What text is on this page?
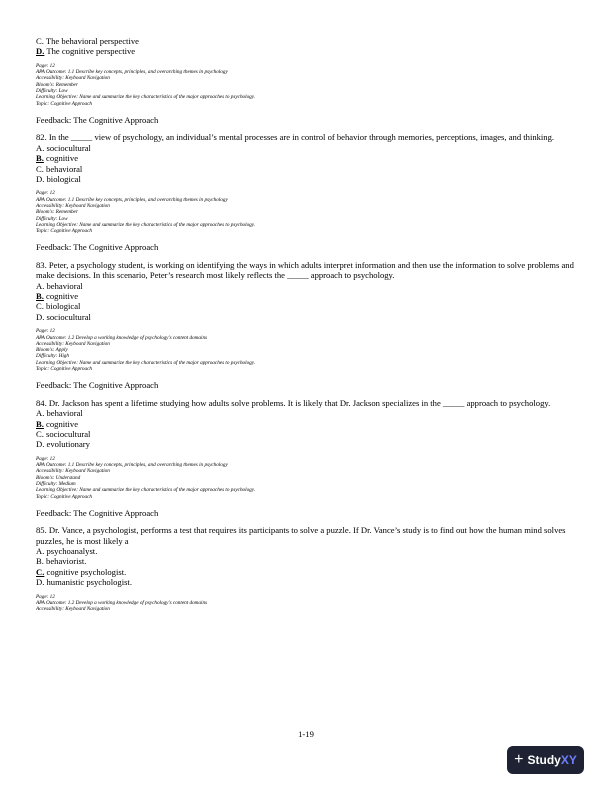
C. The behavioral perspective
D. The cognitive perspective
Page: 12
APA Outcome: 1.1 Describe key concepts, principles, and overarching themes in psychology
Accessibility: Keyboard Navigation
Bloom's: Remember
Difficulty: Low
Learning Objective: Name and summarize the key characteristics of the major approaches to psychology.
Topic: Cognitive Approach
Feedback: The Cognitive Approach
82. In the _____ view of psychology, an individual’s mental processes are in control of behavior through memories, perceptions, images, and thinking.
A. sociocultural
B. cognitive
C. behavioral
D. biological
Page: 12
APA Outcome: 1.1 Describe key concepts, principles, and overarching themes in psychology
Accessibility: Keyboard Navigation
Bloom's: Remember
Difficulty: Low
Learning Objective: Name and summarize the key characteristics of the major approaches to psychology.
Topic: Cognitive Approach
Feedback: The Cognitive Approach
83. Peter, a psychology student, is working on identifying the ways in which adults interpret information and then use the information to solve problems and make decisions. In this scenario, Peter’s research most likely reflects the _____ approach to psychology.
A. behavioral
B. cognitive
C. biological
D. sociocultural
Page: 12
APA Outcome: 1.2 Develop a working knowledge of psychology's content domains
Accessibility: Keyboard Navigation
Bloom's: Apply
Difficulty: High
Learning Objective: Name and summarize the key characteristics of the major approaches to psychology.
Topic: Cognitive Approach
Feedback: The Cognitive Approach
84. Dr. Jackson has spent a lifetime studying how adults solve problems. It is likely that Dr. Jackson specializes in the _____ approach to psychology.
A. behavioral
B. cognitive
C. sociocultural
D. evolutionary
Page: 12
APA Outcome: 1.1 Describe key concepts, principles, and overarching themes in psychology
Accessibility: Keyboard Navigation
Bloom's: Understand
Difficulty: Medium
Learning Objective: Name and summarize the key characteristics of the major approaches to psychology.
Topic: Cognitive Approach
Feedback: The Cognitive Approach
85. Dr. Vance, a psychologist, performs a test that requires its participants to solve a puzzle. If Dr. Vance’s study is to find out how the human mind solves puzzles, he is most likely a
A. psychoanalyst.
B. behaviorist.
C. cognitive psychologist.
D. humanistic psychologist.
Page: 12
APA Outcome: 1.2 Develop a working knowledge of psychology's content domains
Accessibility: Keyboard Navigation
1-19
+ StudyXY
